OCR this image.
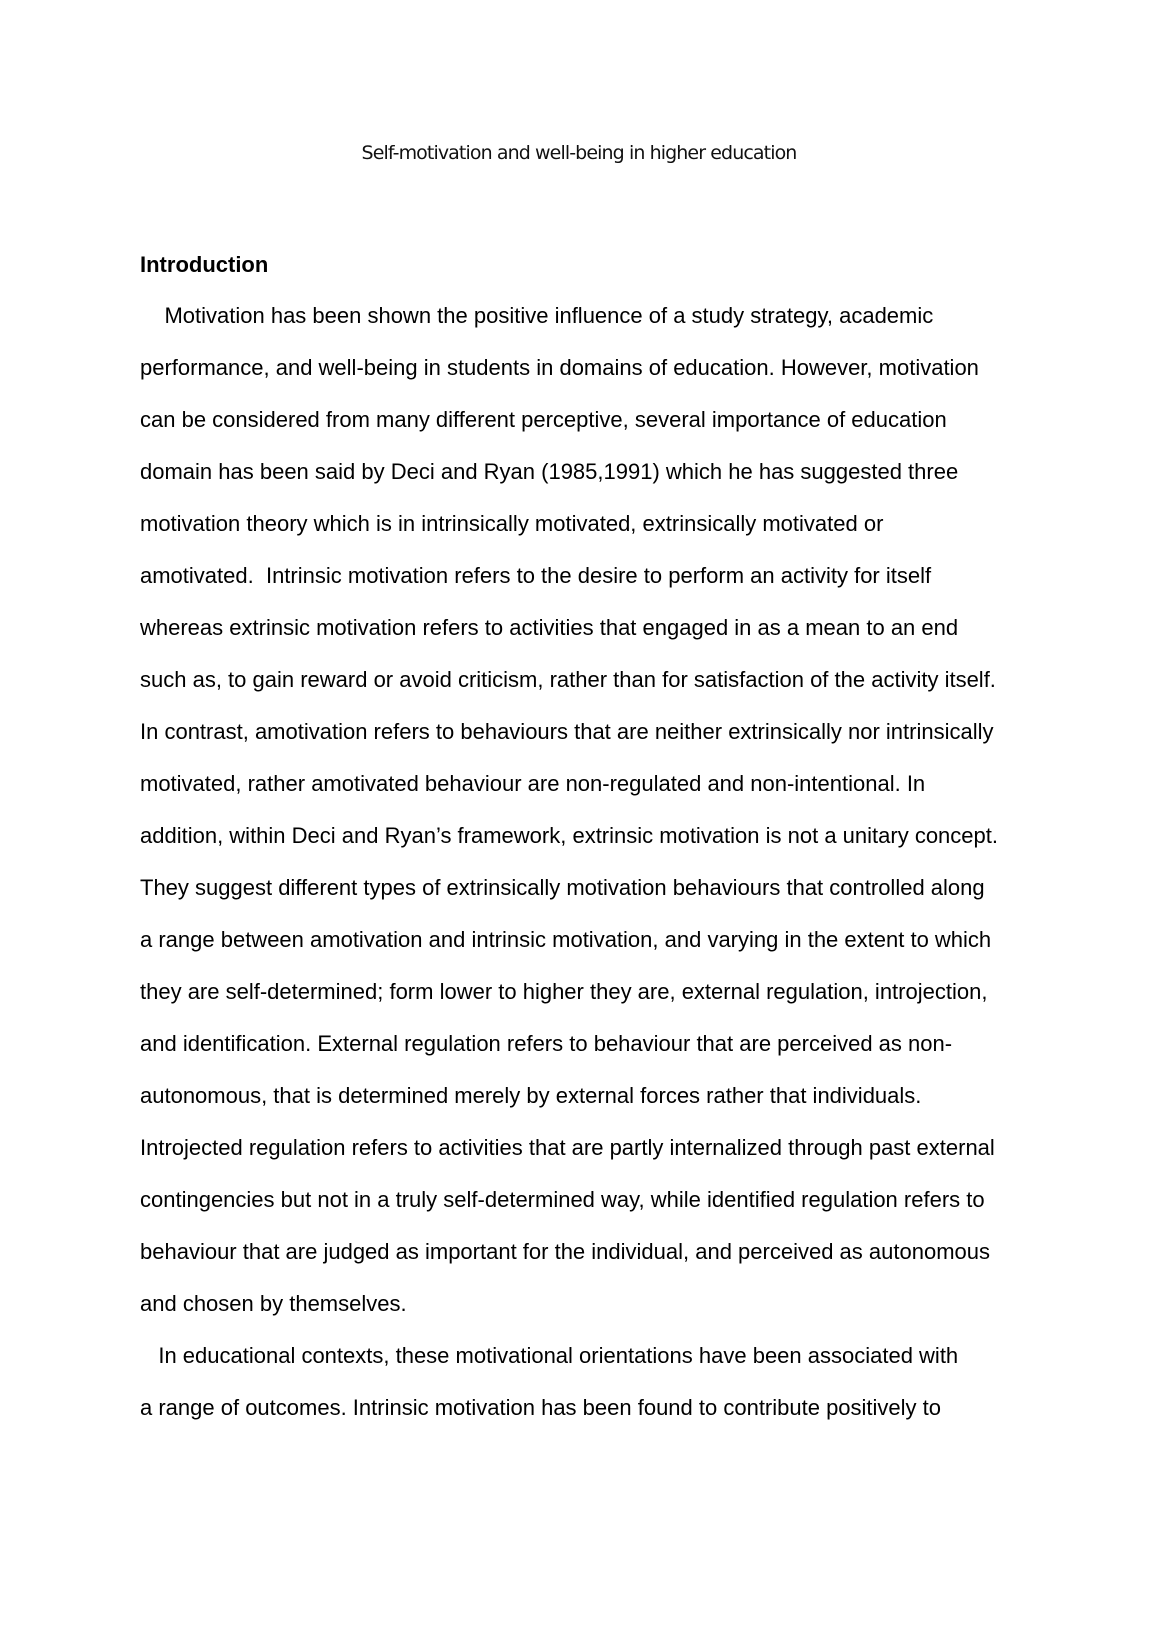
Self-motivation and well-being in higher education
Introduction
Motivation has been shown the positive influence of a study strategy, academic
performance, and well-being in students in domains of education. However, motivation
can be considered from many different perceptive, several importance of education
domain has been said by Deci and Ryan (1985,1991) which he has suggested three
motivation theory which is in intrinsically motivated, extrinsically motivated or
amotivated.  Intrinsic motivation refers to the desire to perform an activity for itself
whereas extrinsic motivation refers to activities that engaged in as a mean to an end
such as, to gain reward or avoid criticism, rather than for satisfaction of the activity itself.
In contrast, amotivation refers to behaviours that are neither extrinsically nor intrinsically
motivated, rather amotivated behaviour are non-regulated and non-intentional. In
addition, within Deci and Ryan’s framework, extrinsic motivation is not a unitary concept.
They suggest different types of extrinsically motivation behaviours that controlled along
a range between amotivation and intrinsic motivation, and varying in the extent to which
they are self-determined; form lower to higher they are, external regulation, introjection,
and identification. External regulation refers to behaviour that are perceived as non-
autonomous, that is determined merely by external forces rather that individuals.
Introjected regulation refers to activities that are partly internalized through past external
contingencies but not in a truly self-determined way, while identified regulation refers to
behaviour that are judged as important for the individual, and perceived as autonomous
and chosen by themselves.
In educational contexts, these motivational orientations have been associated with
a range of outcomes. Intrinsic motivation has been found to contribute positively to
